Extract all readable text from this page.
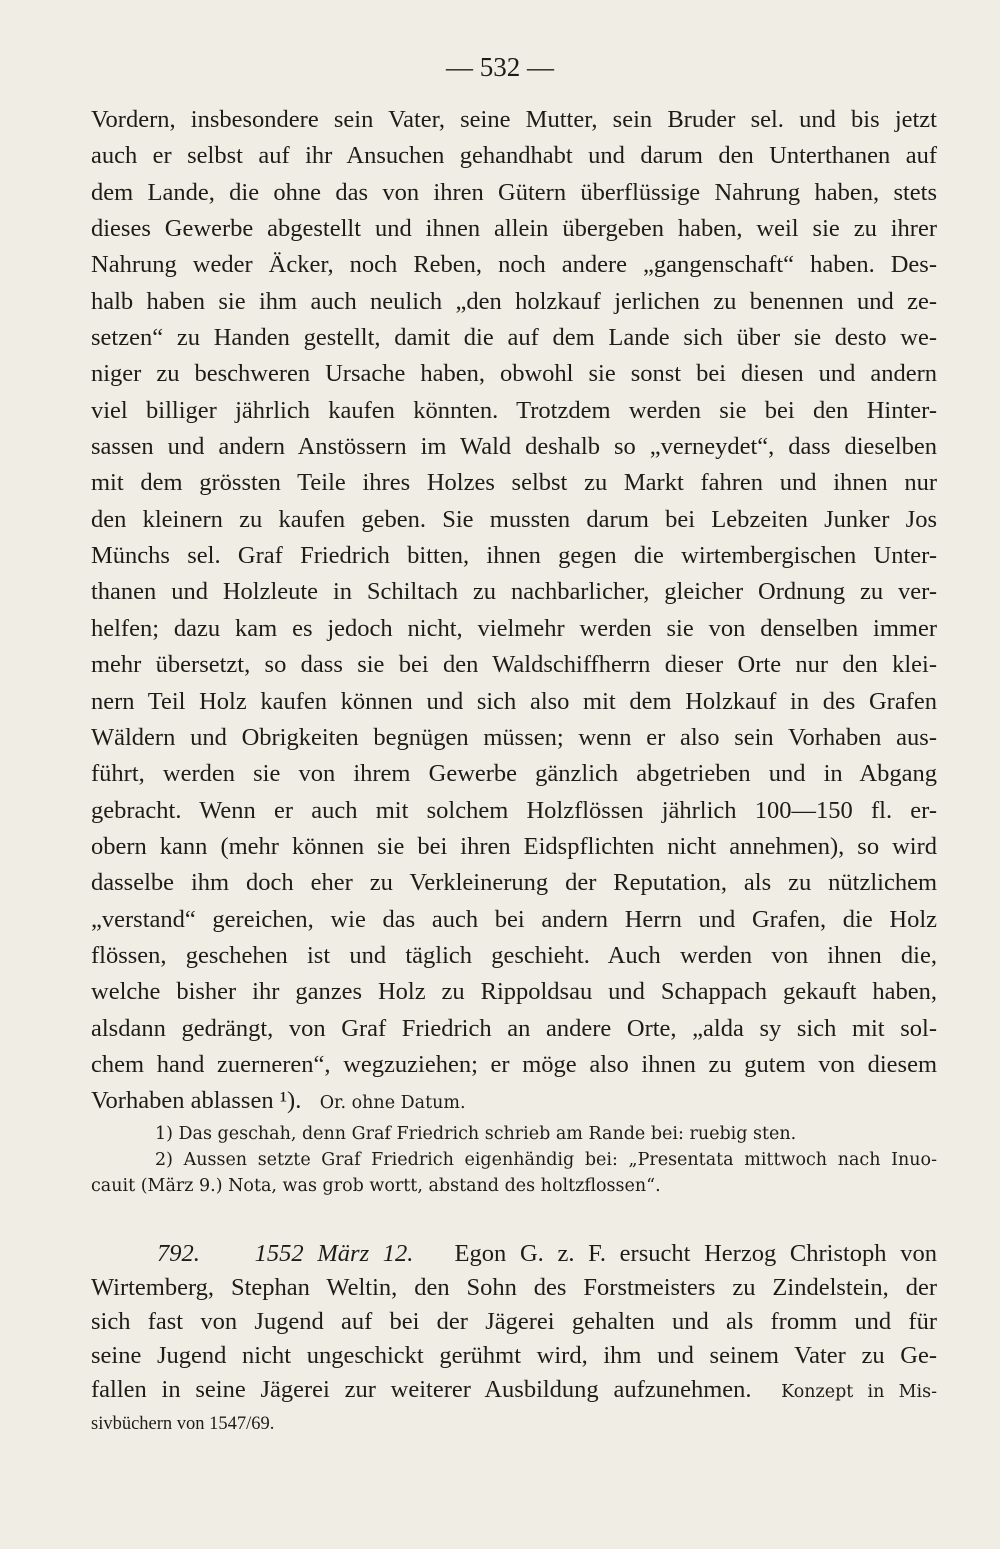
— 532 —
Vordern, insbesondere sein Vater, seine Mutter, sein Bruder sel. und bis jetzt
auch er selbst auf ihr Ansuchen gehandhabt und darum den Unterthanen auf
dem Lande, die ohne das von ihren Gütern überflüssige Nahrung haben, stets
dieses Gewerbe abgestellt und ihnen allein übergeben haben, weil sie zu ihrer
Nahrung weder Äcker, noch Reben, noch andere „gangenschaft“ haben. Des-
halb haben sie ihm auch neulich „den holzkauf jerlichen zu benennen und ze-
setzen“ zu Handen gestellt, damit die auf dem Lande sich über sie desto we-
niger zu beschweren Ursache haben, obwohl sie sonst bei diesen und andern
viel billiger jährlich kaufen könnten. Trotzdem werden sie bei den Hinter-
sassen und andern Anstössern im Wald deshalb so „verneydet“, dass dieselben
mit dem grössten Teile ihres Holzes selbst zu Markt fahren und ihnen nur
den kleinern zu kaufen geben. Sie mussten darum bei Lebzeiten Junker Jos
Münchs sel. Graf Friedrich bitten, ihnen gegen die wirtembergischen Unter-
thanen und Holzleute in Schiltach zu nachbarlicher, gleicher Ordnung zu ver-
helfen; dazu kam es jedoch nicht, vielmehr werden sie von denselben immer
mehr übersetzt, so dass sie bei den Waldschiffherrn dieser Orte nur den klei-
nern Teil Holz kaufen können und sich also mit dem Holzkauf in des Grafen
Wäldern und Obrigkeiten begnügen müssen; wenn er also sein Vorhaben aus-
führt, werden sie von ihrem Gewerbe gänzlich abgetrieben und in Abgang
gebracht. Wenn er auch mit solchem Holzflössen jährlich 100—150 fl. er-
obern kann (mehr können sie bei ihren Eidspflichten nicht annehmen), so wird
dasselbe ihm doch eher zu Verkleinerung der Reputation, als zu nützlichem
„verstand“ gereichen, wie das auch bei andern Herrn und Grafen, die Holz
flössen, geschehen ist und täglich geschieht. Auch werden von ihnen die,
welche bisher ihr ganzes Holz zu Rippoldsau und Schappach gekauft haben,
alsdann gedrängt, von Graf Friedrich an andere Orte, „alda sy sich mit sol-
chem hand zuerneren“, wegzuziehen; er möge also ihnen zu gutem von diesem
Vorhaben ablassen ¹). Or. ohne Datum.
1) Das geschah, denn Graf Friedrich schrieb am Rande bei: ruebig sten.
2) Aussen setzte Graf Friedrich eigenhändig bei: „Presentata mittwoch nach Inuo-
cauit (März 9.) Nota, was grob wortt, abstand des holtzflossen“.
792. 1552 März 12. Egon G. z. F. ersucht Herzog Christoph von
Wirtemberg, Stephan Weltin, den Sohn des Forstmeisters zu Zindelstein, der
sich fast von Jugend auf bei der Jägerei gehalten und als fromm und für
seine Jugend nicht ungeschickt gerühmt wird, ihm und seinem Vater zu Ge-
fallen in seine Jägerei zur weiterer Ausbildung aufzunehmen. Konzept in Mis-
sivbüchern von 1547/69.
